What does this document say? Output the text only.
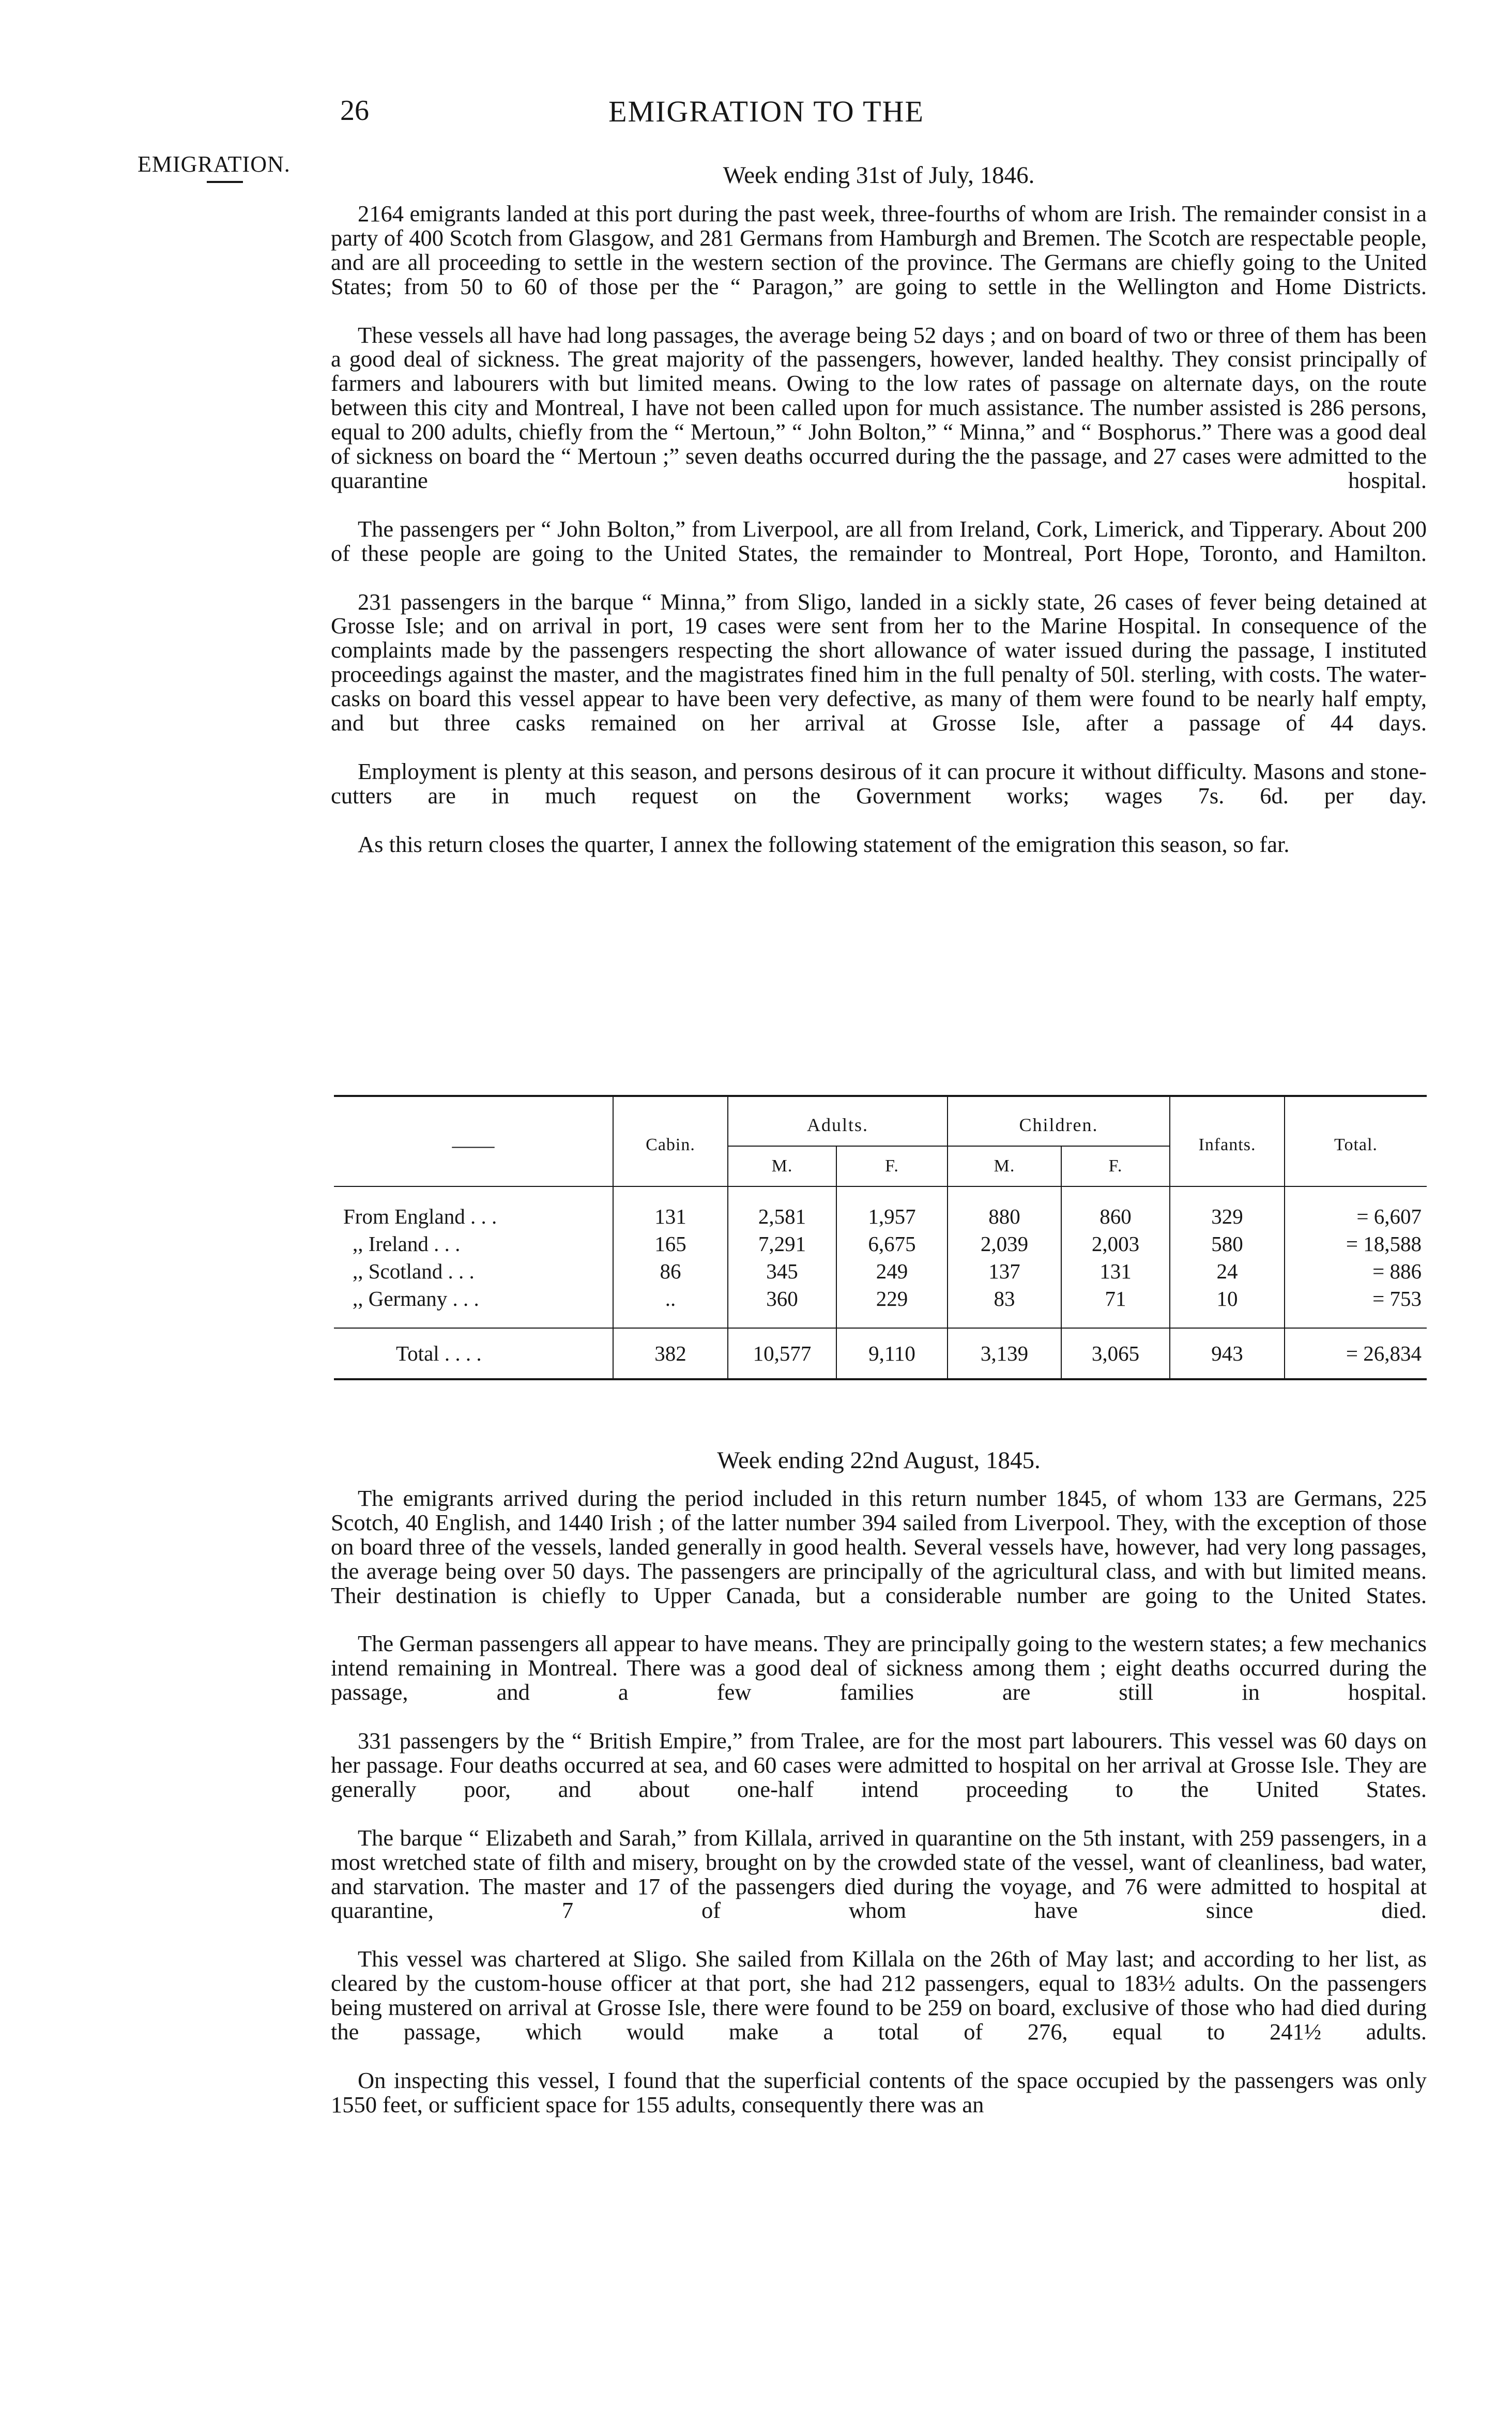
26	EMIGRATION TO THE
EMIGRATION.	Week ending 31st of July, 1846.

2164 emigrants landed at this port during the past week, three-fourths of whom are Irish. The remainder consist in a party of 400 Scotch from Glasgow, and 281 Germans from Hamburgh and Bremen. The Scotch are respectable people, and are all proceeding to settle in the western section of the province. The Germans are chiefly going to the United States; from 50 to 60 of those per the “ Paragon,” are going to settle in the Wellington and Home Districts.

These vessels all have had long passages, the average being 52 days ; and on board of two or three of them has been a good deal of sickness. The great majority of the passengers, however, landed healthy. They consist principally of farmers and labourers with but limited means. Owing to the low rates of passage on alternate days, on the route between this city and Montreal, I have not been called upon for much assistance. The number assisted is 286 persons, equal to 200 adults, chiefly from the “ Mertoun,” “ John Bolton,” “ Minna,” and “ Bosphorus.” There was a good deal of sickness on board the “ Mertoun ;” seven deaths occurred during the the passage, and 27 cases were admitted to the quarantine hospital.

The passengers per “ John Bolton,” from Liverpool, are all from Ireland, Cork, Limerick, and Tipperary. About 200 of these people are going to the United States, the remainder to Montreal, Port Hope, Toronto, and Hamilton.

231 passengers in the barque “ Minna,” from Sligo, landed in a sickly state, 26 cases of fever being detained at Grosse Isle; and on arrival in port, 19 cases were sent from her to the Marine Hospital. In consequence of the complaints made by the passengers respecting the short allowance of water issued during the passage, I instituted proceedings against the master, and the magistrates fined him in the full penalty of 50l. sterling, with costs. The water-casks on board this vessel appear to have been very defective, as many of them were found to be nearly half empty, and but three casks remained on her arrival at Grosse Isle, after a passage of 44 days.

Employment is plenty at this season, and persons desirous of it can procure it without difficulty. Masons and stone-cutters are in much request on the Government works; wages 7s. 6d. per day.

As this return closes the quarter, I annex the following statement of the emigration this season, so far.

——	Cabin.	Adults.		Children.		Infants.	Total.
		M.	F.	M.	F.		

From England . . .	131	2,581	1,957	880	860	329	= 6,607
,, Ireland . . .	165	7,291	6,675	2,039	2,003	580	= 18,588
,, Scotland . . .	86	345	249	137	131	24	= 886
,, Germany . . .	..	360	229	83	71	10	= 753

Total . . . .	382	10,577	9,110	3,139	3,065	943	= 26,834
Week ending 22nd August, 1845.

The emigrants arrived during the period included in this return number 1845, of whom 133 are Germans, 225 Scotch, 40 English, and 1440 Irish ; of the latter number 394 sailed from Liverpool. They, with the exception of those on board three of the vessels, landed generally in good health. Several vessels have, however, had very long passages, the average being over 50 days. The passengers are principally of the agricultural class, and with but limited means. Their destination is chiefly to Upper Canada, but a considerable number are going to the United States.

The German passengers all appear to have means. They are principally going to the western states; a few mechanics intend remaining in Montreal. There was a good deal of sickness among them ; eight deaths occurred during the passage, and a few families are still in hospital.

331 passengers by the “ British Empire,” from Tralee, are for the most part labourers. This vessel was 60 days on her passage. Four deaths occurred at sea, and 60 cases were admitted to hospital on her arrival at Grosse Isle. They are generally poor, and about one-half intend proceeding to the United States.

The barque “ Elizabeth and Sarah,” from Killala, arrived in quarantine on the 5th instant, with 259 passengers, in a most wretched state of filth and misery, brought on by the crowded state of the vessel, want of cleanliness, bad water, and starvation. The master and 17 of the passengers died during the voyage, and 76 were admitted to hospital at quarantine, 7 of whom have since died.

This vessel was chartered at Sligo. She sailed from Killala on the 26th of May last; and according to her list, as cleared by the custom-house officer at that port, she had 212 passengers, equal to 183½ adults. On the passengers being mustered on arrival at Grosse Isle, there were found to be 259 on board, exclusive of those who had died during the passage, which would make a total of 276, equal to 241½ adults.

On inspecting this vessel, I found that the superficial contents of the space occupied by the passengers was only 1550 feet, or sufficient space for 155 adults, consequently there was an
